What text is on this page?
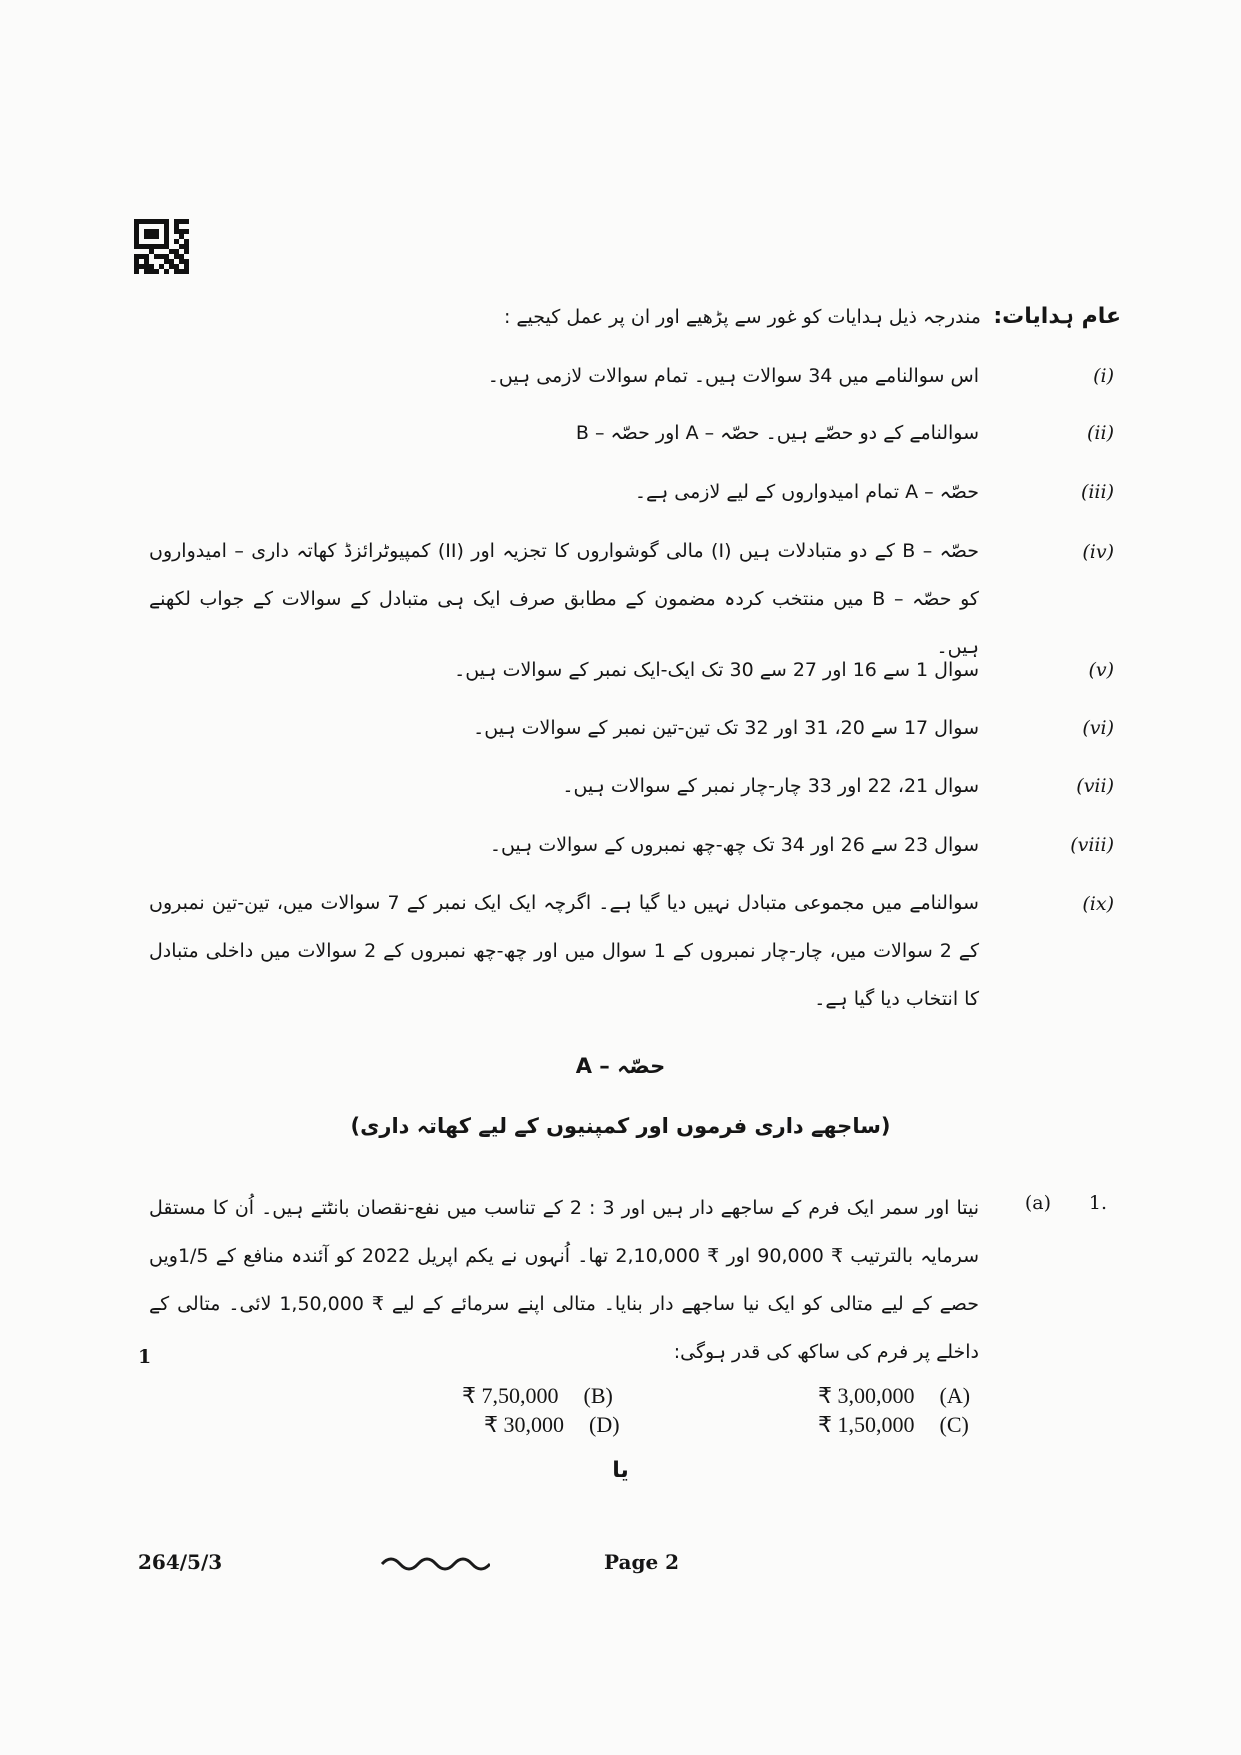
عام ہدایات:
مندرجہ ذیل ہدایات کو غور سے پڑھیے اور ان پر عمل کیجیے :
(i)
اس سوالنامے میں 34 سوالات ہیں۔ تمام سوالات لازمی ہیں۔
(ii)
سوالنامے کے دو حصّے ہیں۔ حصّہ – A اور حصّہ – B
(iii)
حصّہ – A تمام امیدواروں کے لیے لازمی ہے۔
(iv)
حصّہ – B کے دو متبادلات ہیں (I) مالی گوشواروں کا تجزیہ اور (II) کمپیوٹرائزڈ کھاتہ داری – امیدواروں کو حصّہ – B میں منتخب کردہ مضمون کے مطابق صرف ایک ہی متبادل کے سوالات کے جواب لکھنے ہیں۔
(v)
سوال 1 سے 16 اور 27 سے 30 تک ایک-ایک نمبر کے سوالات ہیں۔
(vi)
سوال 17 سے 20، 31 اور 32 تک تین-تین نمبر کے سوالات ہیں۔
(vii)
سوال 21، 22 اور 33 چار-چار نمبر کے سوالات ہیں۔
(viii)
سوال 23 سے 26 اور 34 تک چھ-چھ نمبروں کے سوالات ہیں۔
(ix)
سوالنامے میں مجموعی متبادل نہیں دیا گیا ہے۔ اگرچہ ایک ایک نمبر کے 7 سوالات میں، تین-تین نمبروں کے 2 سوالات میں، چار-چار نمبروں کے 1 سوال میں اور چھ-چھ نمبروں کے 2 سوالات میں داخلی متبادل کا انتخاب دیا گیا ہے۔
حصّہ – A
(ساجھے داری فرموں اور کمپنیوں کے لیے کھاتہ داری)
1.
(a)
نیتا اور سمر ایک فرم کے ساجھے دار ہیں اور 3 : 2 کے تناسب میں نفع-نقصان بانٹتے ہیں۔ اُن کا مستقل سرمایہ بالترتیب ₹ 90,000 اور ₹ 2,10,000 تھا۔ اُنہوں نے یکم اپریل 2022 کو آئندہ منافع کے 1/5ویں حصے کے لیے متالی کو ایک نیا ساجھے دار بنایا۔ متالی اپنے سرمائے کے لیے ₹ 1,50,000 لائی۔ متالی کے داخلے پر فرم کی ساکھ کی قدر ہوگی:
1
₹ 3,00,000 (A)
₹ 7,50,000 (B)
₹ 1,50,000 (C)
₹ 30,000 (D)
یا
264/5/3	Page 2
